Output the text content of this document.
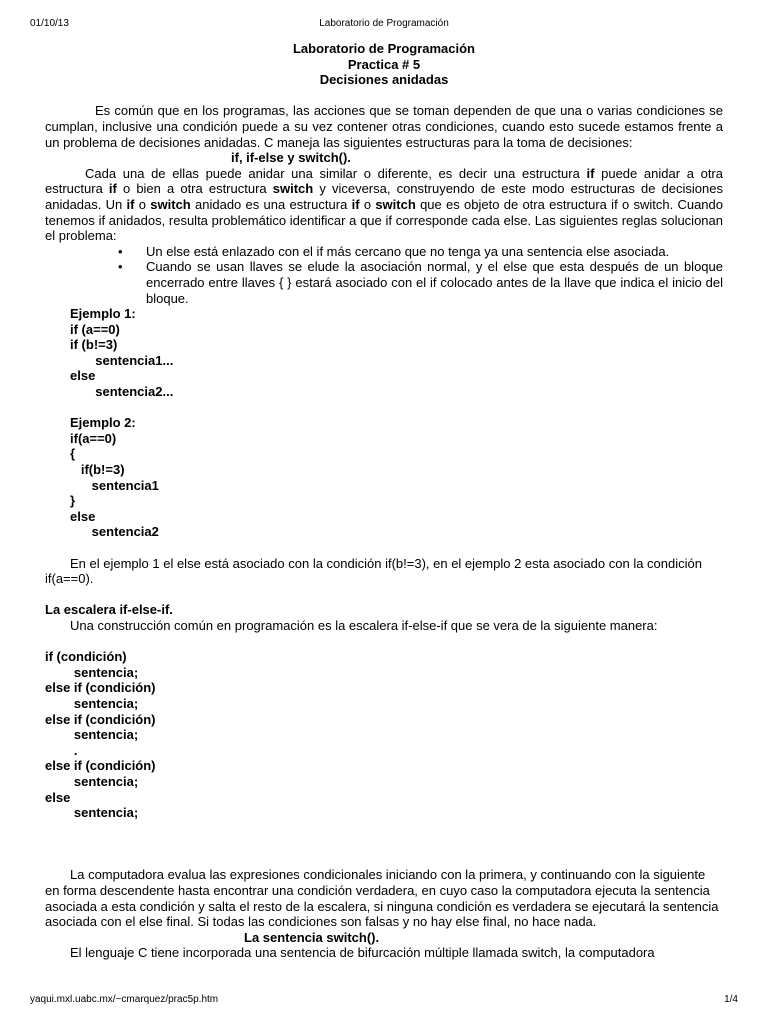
01/10/13	Laboratorio de Programación
Laboratorio de Programación
Practica # 5
Decisiones anidadas

Es común que en los programas, las acciones que se toman dependen de que una o varias condiciones se cumplan, inclusive una condición puede a su vez contener otras condiciones, cuando esto sucede estamos frente a un problema de decisiones anidadas. C maneja las siguientes estructuras para la toma de decisiones:

if, if-else y switch().

Cada una de ellas puede anidar una similar o diferente, es decir una estructura if puede anidar a otra estructura if o bien a otra estructura switch y viceversa, construyendo de este modo estructuras de decisiones anidadas. Un if o switch anidado es una estructura if o switch que es objeto de otra estructura if o switch. Cuando tenemos if anidados, resulta problemático identificar a que if corresponde cada else. Las siguientes reglas solucionan el problema:

• Un else está enlazado con el if más cercano que no tenga ya una sentencia else asociada.
• Cuando se usan llaves se elude la asociación normal, y el else que esta después de un bloque encerrado entre llaves { } estará asociado con el if colocado antes de la llave que indica el inicio del bloque.
Ejemplo 1:
if (a==0)
if (b!=3)
sentencia1...
else
sentencia2...
Ejemplo 2:
if(a==0)
{
if(b!=3)
sentencia1
}
else
sentencia2

En el ejemplo 1 el else está asociado con la condición if(b!=3), en el ejemplo 2 esta asociado con la condición if(a==0).

La escalera if-else-if.

Una construcción común en programación es la escalera if-else-if que se vera de la siguiente manera:

if (condición)
sentencia;
else if (condición)
sentencia;
else if (condición)
sentencia;
.
else if (condición)
sentencia;
else
sentencia;

La computadora evalua las expresiones condicionales iniciando con la primera, y continuando con la siguiente en forma descendente hasta encontrar una condición verdadera, en cuyo caso la computadora ejecuta la sentencia asociada a esta condición y salta el resto de la escalera, si ninguna condición es verdadera se ejecutará la sentencia asociada con el else final. Si todas las condiciones son falsas y no hay else final, no hace nada.

La sentencia switch().

El lenguaje C tiene incorporada una sentencia de bifurcación múltiple llamada switch, la computadora

yaqui.mxl.uabc.mx/~cmarquez/prac5p.htm	1/4
